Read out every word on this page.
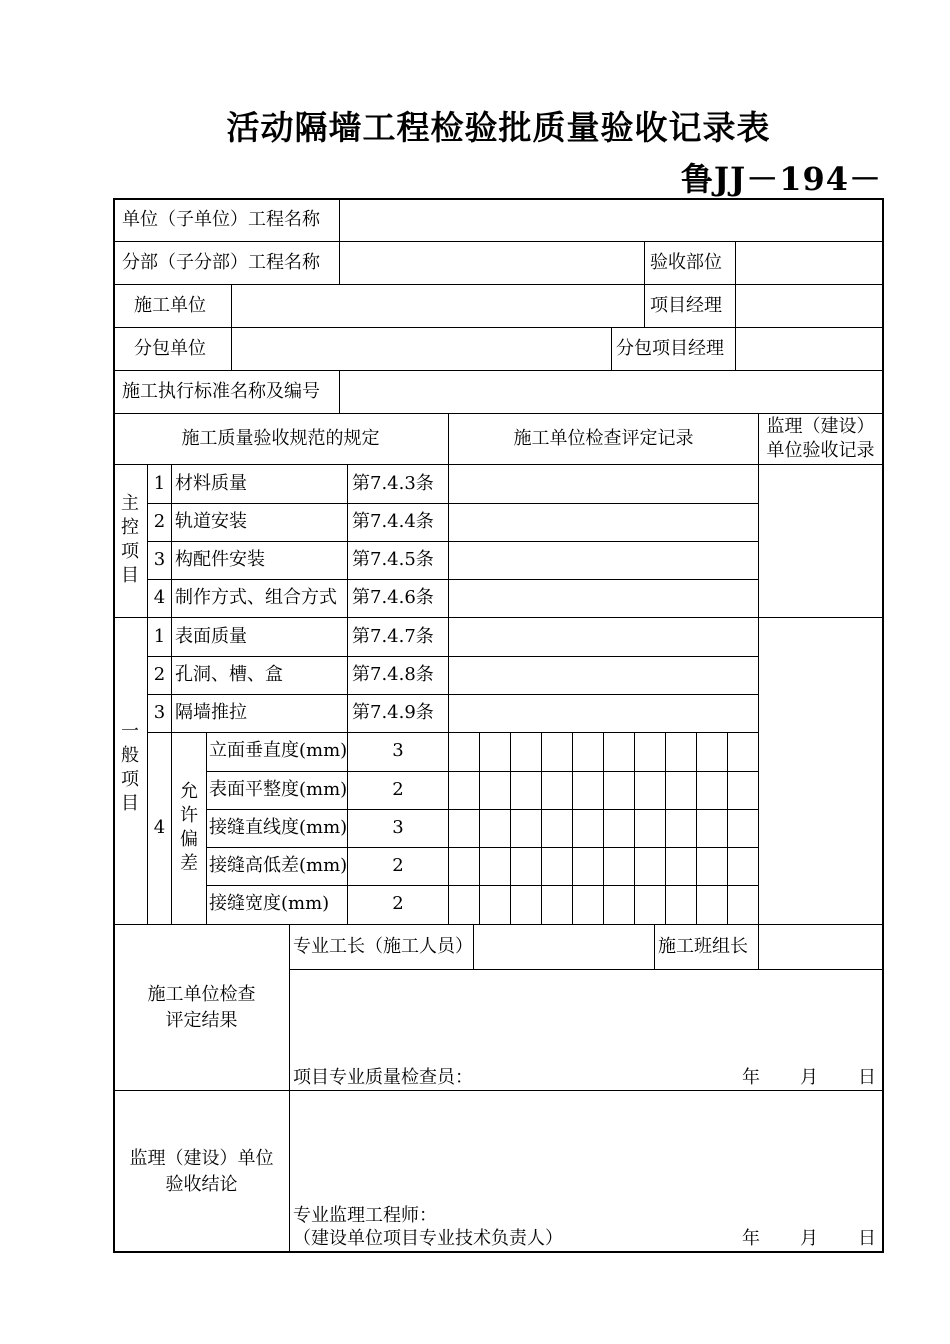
活动隔墙工程检验批质量验收记录表
鲁JJ－194－
单位（子单位）工程名称
分部（子分部）工程名称	验收部位
施工单位	项目经理
分包单位	分包项目经理
施工执行标准名称及编号
施工质量验收规范的规定	施工单位检查评定记录
监理（建设）
单位验收记录
主控项目
1 材料质量	第7.4.3条
2 轨道安装	第7.4.4条
3 构配件安装	第7.4.5条
4 制作方式、组合方式 第7.4.6条
一般项目
1 表面质量	第7.4.7条
2 孔洞、槽、盒	第7.4.8条
3 隔墙推拉	第7.4.9条
4
允许偏差
立面垂直度(mm)	3
表面平整度(mm)	2
接缝直线度(mm)	3
接缝高低差(mm)	2
接缝宽度(mm)	2
施工单位检查
评定结果
专业工长（施工人员）	施工班组长
项目专业质量检查员：	年 月 日
监理（建设）单位
验收结论
专业监理工程师：
（建设单位项目专业技术负责人）	年 月 日
